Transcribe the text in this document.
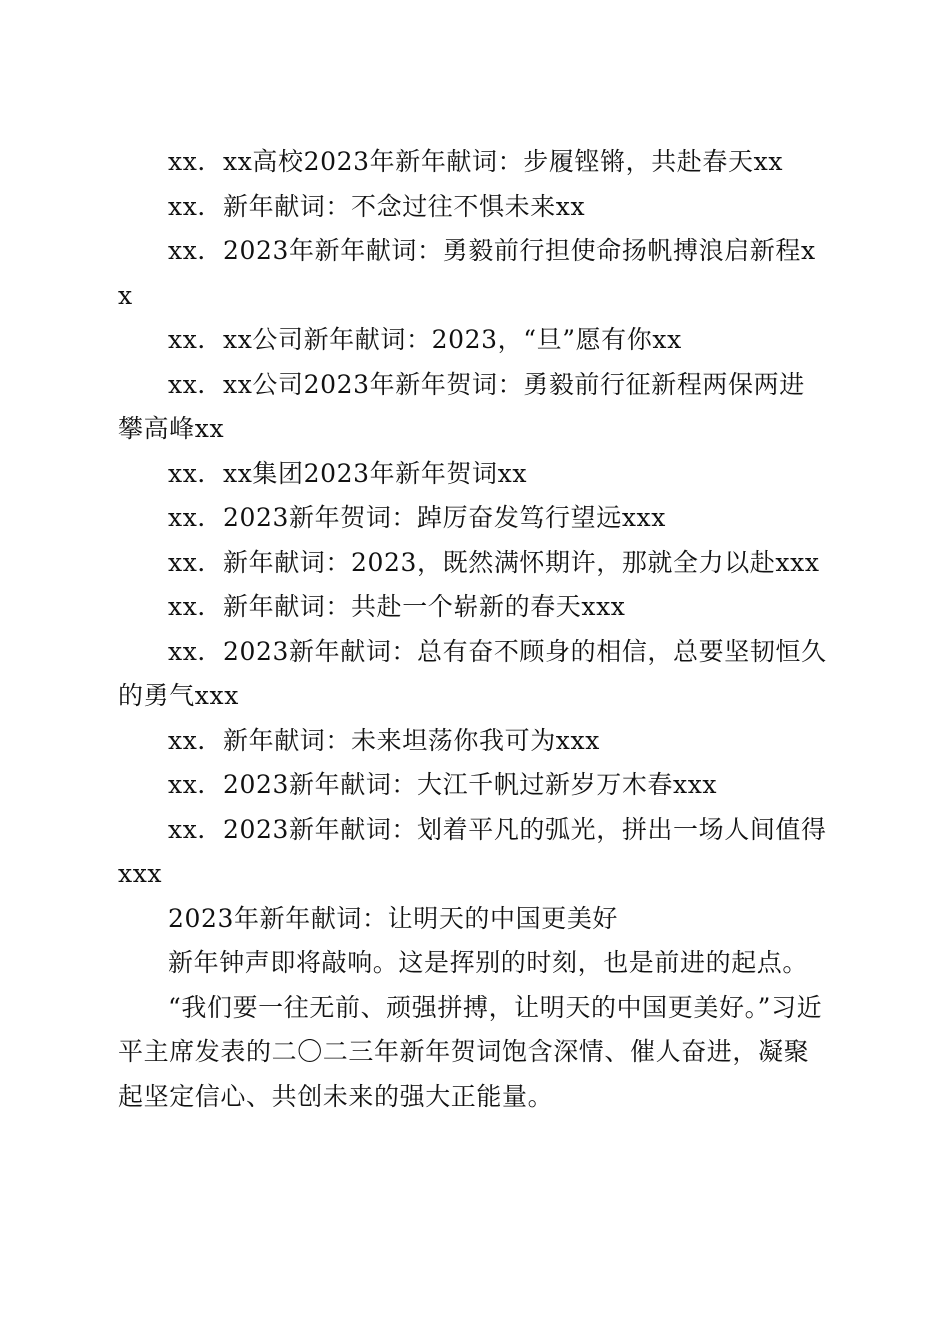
xx．xx高校2023年新年献词：步履铿锵，共赴春天xx

xx．新年献词：不念过往不惧未来xx

xx．2023年新年献词：勇毅前行担使命扬帆搏浪启新程xx

xx．xx公司新年献词：2023，“旦”愿有你xx

xx．xx公司2023年新年贺词：勇毅前行征新程两保两进攀高峰xx

xx．xx集团2023年新年贺词xx

xx．2023新年贺词：踔厉奋发笃行望远xxx

xx．新年献词：2023，既然满怀期许，那就全力以赴xxx

xx．新年献词：共赴一个崭新的春天xxx

xx．2023新年献词：总有奋不顾身的相信，总要坚韧恒久的勇气xxx

xx．新年献词：未来坦荡你我可为xxx

xx．2023新年献词：大江千帆过新岁万木春xxx

xx．2023新年献词：划着平凡的弧光，拼出一场人间值得xxx

2023年新年献词：让明天的中国更美好

新年钟声即将敲响。这是挥别的时刻，也是前进的起点。

“我们要一往无前、顽强拼搏，让明天的中国更美好。”习近平主席发表的二〇二三年新年贺词饱含深情、催人奋进，凝聚起坚定信心、共创未来的强大正能量。
